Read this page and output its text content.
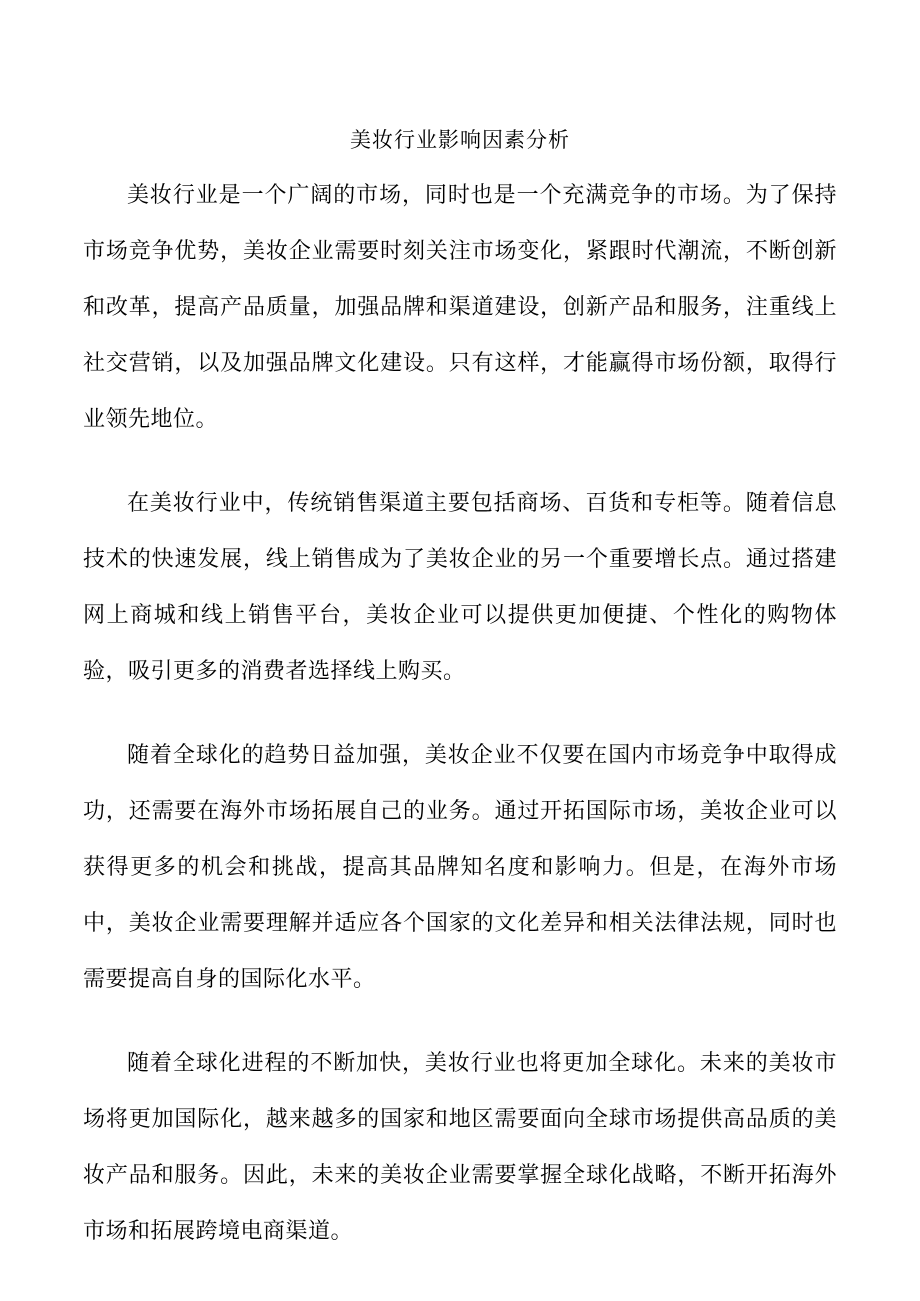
美妆行业影响因素分析

美妆行业是一个广阔的市场，同时也是一个充满竞争的市场。为了保持市场竞争优势，美妆企业需要时刻关注市场变化，紧跟时代潮流，不断创新和改革，提高产品质量，加强品牌和渠道建设，创新产品和服务，注重线上社交营销，以及加强品牌文化建设。只有这样，才能赢得市场份额，取得行业领先地位。

在美妆行业中，传统销售渠道主要包括商场、百货和专柜等。随着信息技术的快速发展，线上销售成为了美妆企业的另一个重要增长点。通过搭建网上商城和线上销售平台，美妆企业可以提供更加便捷、个性化的购物体验，吸引更多的消费者选择线上购买。

随着全球化的趋势日益加强，美妆企业不仅要在国内市场竞争中取得成功，还需要在海外市场拓展自己的业务。通过开拓国际市场，美妆企业可以获得更多的机会和挑战，提高其品牌知名度和影响力。但是，在海外市场中，美妆企业需要理解并适应各个国家的文化差异和相关法律法规，同时也需要提高自身的国际化水平。

随着全球化进程的不断加快，美妆行业也将更加全球化。未来的美妆市场将更加国际化，越来越多的国家和地区需要面向全球市场提供高品质的美妆产品和服务。因此，未来的美妆企业需要掌握全球化战略，不断开拓海外市场和拓展跨境电商渠道。
